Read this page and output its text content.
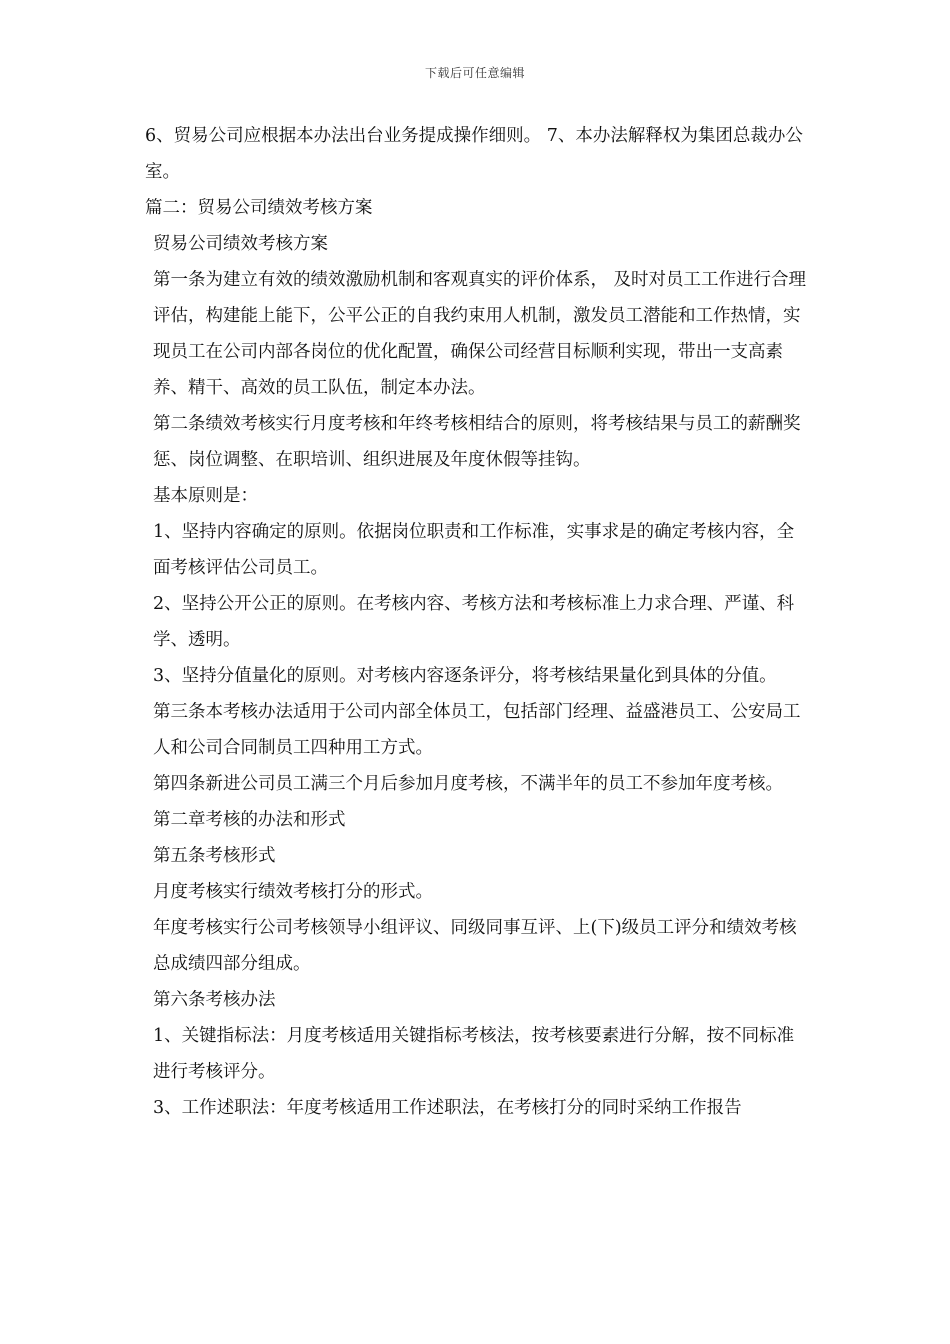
下载后可任意编辑

6、贸易公司应根据本办法出台业务提成操作细则。 7、本办法解释权为集团总裁办公室。

篇二：贸易公司绩效考核方案

贸易公司绩效考核方案

第一条为建立有效的绩效激励机制和客观真实的评价体系， 及时对员工工作进行合理评估，构建能上能下，公平公正的自我约束用人机制，激发员工潜能和工作热情，实现员工在公司内部各岗位的优化配置，确保公司经营目标顺利实现，带出一支高素养、精干、高效的员工队伍，制定本办法。

第二条绩效考核实行月度考核和年终考核相结合的原则，将考核结果与员工的薪酬奖惩、岗位调整、在职培训、组织进展及年度休假等挂钩。

基本原则是：

1、坚持内容确定的原则。依据岗位职责和工作标准，实事求是的确定考核内容，全面考核评估公司员工。

2、坚持公开公正的原则。在考核内容、考核方法和考核标准上力求合理、严谨、科学、透明。

3、坚持分值量化的原则。对考核内容逐条评分，将考核结果量化到具体的分值。

第三条本考核办法适用于公司内部全体员工，包括部门经理、益盛港员工、公安局工人和公司合同制员工四种用工方式。

第四条新进公司员工满三个月后参加月度考核，不满半年的员工不参加年度考核。

第二章考核的办法和形式

第五条考核形式

月度考核实行绩效考核打分的形式。

年度考核实行公司考核领导小组评议、同级同事互评、上(下)级员工评分和绩效考核总成绩四部分组成。

第六条考核办法

1、关键指标法：月度考核适用关键指标考核法，按考核要素进行分解，按不同标准进行考核评分。

3、工作述职法：年度考核适用工作述职法，在考核打分的同时采纳工作报告
